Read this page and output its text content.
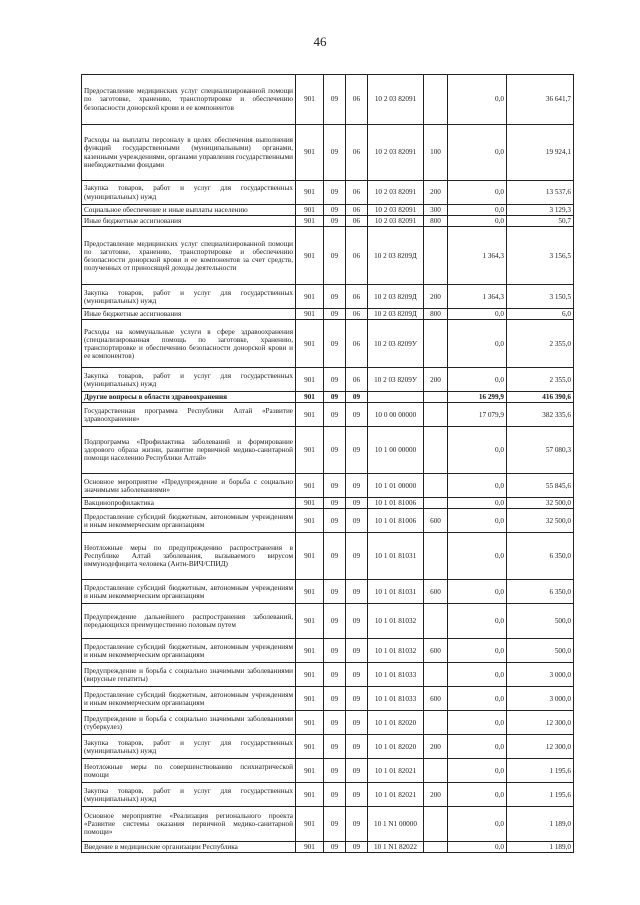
46
Предоставление медицинских услуг специализированной помощи по заготовке, хранению, транспортировке и обеспечению безопасности донорской крови и ее компонентов	901	09	06	10 2 03 82091		0,0	36 641,7
Расходы на выплаты персоналу в целях обеспечения выполнения функций государственными (муниципальными) органами, казенными учреждениями, органами управления государственными внебюджетными фондами	901	09	06	10 2 03 82091	100	0,0	19 924,1
Закупка товаров, работ и услуг для государственных (муниципальных) нужд	901	09	06	10 2 03 82091	200	0,0	13 537,6
Социальное обеспечение и иные выплаты населению	901	09	06	10 2 03 82091	300	0,0	3 129,3
Иные бюджетные ассигнования	901	09	06	10 2 03 82091	800	0,0	50,7
Предоставление медицинских услуг специализированной помощи по заготовке, хранению, транспортировке и обеспечению безопасности донорской крови и ее компонентов за счет средств, полученных от приносящей доходы деятельности	901	09	06	10 2 03 8209Д		1 364,3	3 156,5
Закупка товаров, работ и услуг для государственных (муниципальных) нужд	901	09	06	10 2 03 8209Д	200	1 364,3	3 150,5
Иные бюджетные ассигнования	901	09	06	10 2 03 8209Д	800	0,0	6,0
Расходы на коммунальные услуги в сфере здравоохранения (специализированная помощь по заготовке, хранению, транспортировке и обеспечению безопасности донорской крови и ее компонентов)	901	09	06	10 2 03 8209У		0,0	2 355,0
Закупка товаров, работ и услуг для государственных (муниципальных) нужд	901	09	06	10 2 03 8209У	200	0,0	2 355,0
Другие вопросы в области здравоохранения	901	09	09			16 299,9	416 390,6
Государственная программа Республики Алтай «Развитие здравоохранения»	901	09	09	10 0 00 00000		17 079,9	382 335,6
Подпрограмма «Профилактика заболеваний и формирование здорового образа жизни, развитие первичной медико-санитарной помощи населению Республики Алтай»	901	09	09	10 1 00 00000		0,0	57 080,3
Основное мероприятие «Предупреждение и борьба с социально значимыми заболеваниями»	901	09	09	10 1 01 00000		0,0	55 845,6
Вакцинопрофилактика	901	09	09	10 1 01 81006		0,0	32 500,0
Предоставление субсидий бюджетным, автономным учреждениям и иным некоммерческим организациям	901	09	09	10 1 01 81006	600	0,0	32 500,0
Неотложные меры по предупреждению распространения в Республике Алтай заболевания, вызываемого вирусом иммунодефицита человека (Анти-ВИЧ/СПИД)	901	09	09	10 1 01 81031		0,0	6 350,0
Предоставление субсидий бюджетным, автономным учреждениям и иным некоммерческим организациям	901	09	09	10 1 01 81031	600	0,0	6 350,0
Предупреждение дальнейшего распространения заболеваний, передающихся преимущественно половым путем	901	09	09	10 1 01 81032		0,0	500,0
Предоставление субсидий бюджетным, автономным учреждениям и иным некоммерческим организациям	901	09	09	10 1 01 81032	600	0,0	500,0
Предупреждение и борьба с социально значимыми заболеваниями (вирусные гепатиты)	901	09	09	10 1 01 81033		0,0	3 000,0
Предоставление субсидий бюджетным, автономным учреждениям и иным некоммерческим организациям	901	09	09	10 1 01 81033	600	0,0	3 000,0
Предупреждение и борьба с социально значимыми заболеваниями (туберкулез)	901	09	09	10 1 01 82020		0,0	12 300,0
Закупка товаров, работ и услуг для государственных (муниципальных) нужд	901	09	09	10 1 01 82020	200	0,0	12 300,0
Неотложные меры по совершенствованию психиатрической помощи	901	09	09	10 1 01 82021		0,0	1 195,6
Закупка товаров, работ и услуг для государственных (муниципальных) нужд	901	09	09	10 1 01 82021	200	0,0	1 195,6
Основное мероприятие «Реализация регионального проекта «Развитие системы оказания первичной медико-санитарной помощи»	901	09	09	10 1 N1 00000		0,0	1 189,0
Введение в медицинские организации Республика	901	09	09	10 1 N1 82022		0,0	1 189,0
